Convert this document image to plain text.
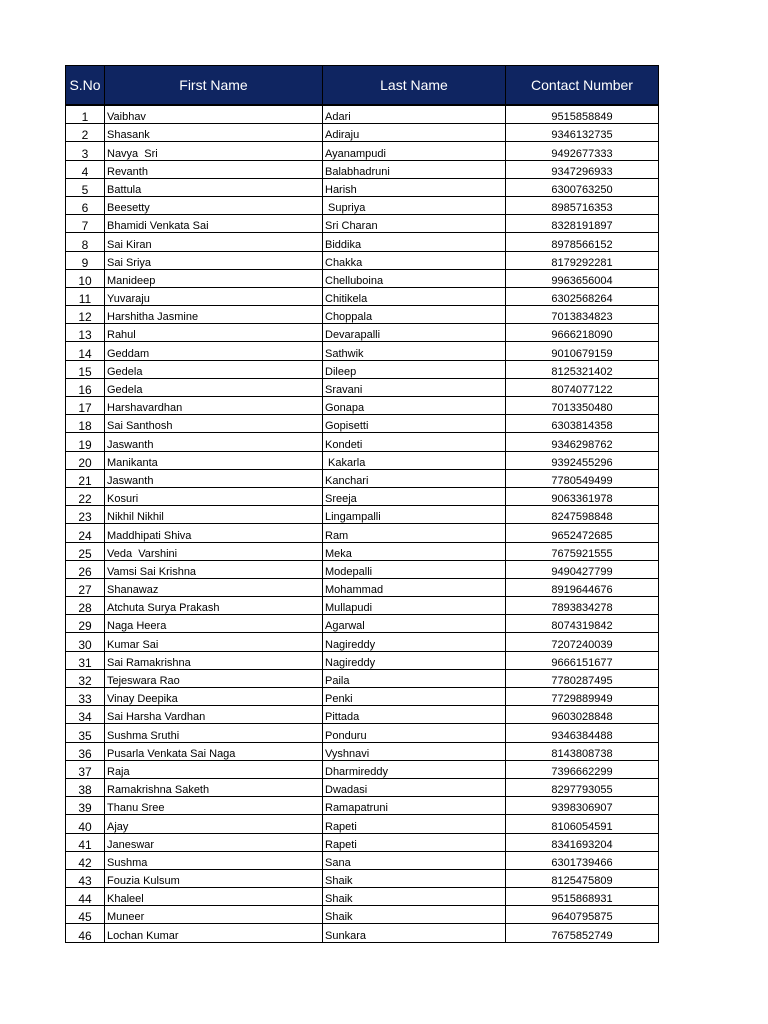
S.No	First Name	Last Name	Contact Number
1	Vaibhav	Adari	9515858849
2	Shasank	Adiraju	9346132735
3	Navya  Sri	Ayanampudi	9492677333
4	Revanth	Balabhadruni	9347296933
5	Battula	Harish	6300763250
6	Beesetty	Supriya	8985716353
7	Bhamidi Venkata Sai	Sri Charan	8328191897
8	Sai Kiran	Biddika	8978566152
9	Sai Sriya	Chakka	8179292281
10	Manideep	Chelluboina	9963656004
11	Yuvaraju	Chitikela	6302568264
12	Harshitha Jasmine	Choppala	7013834823
13	Rahul	Devarapalli	9666218090
14	Geddam	Sathwik	9010679159
15	Gedela	Dileep	8125321402
16	Gedela	Sravani	8074077122
17	Harshavardhan	Gonapa	7013350480
18	Sai Santhosh	Gopisetti	6303814358
19	Jaswanth	Kondeti	9346298762
20	Manikanta	Kakarla	9392455296
21	Jaswanth	Kanchari	7780549499
22	Kosuri	Sreeja	9063361978
23	Nikhil Nikhil	Lingampalli	8247598848
24	Maddhipati Shiva	Ram	9652472685
25	Veda  Varshini	Meka	7675921555
26	Vamsi Sai Krishna	Modepalli	9490427799
27	Shanawaz	Mohammad	8919644676
28	Atchuta Surya Prakash	Mullapudi	7893834278
29	Naga Heera	Agarwal	8074319842
30	Kumar Sai	Nagireddy	7207240039
31	Sai Ramakrishna	Nagireddy	9666151677
32	Tejeswara Rao	Paila	7780287495
33	Vinay Deepika	Penki	7729889949
34	Sai Harsha Vardhan	Pittada	9603028848
35	Sushma Sruthi	Ponduru	9346384488
36	Pusarla Venkata Sai Naga	Vyshnavi	8143808738
37	Raja	Dharmireddy	7396662299
38	Ramakrishna Saketh	Dwadasi	8297793055
39	Thanu Sree	Ramapatruni	9398306907
40	Ajay	Rapeti	8106054591
41	Janeswar	Rapeti	8341693204
42	Sushma	Sana	6301739466
43	Fouzia Kulsum	Shaik	8125475809
44	Khaleel	Shaik	9515868931
45	Muneer	Shaik	9640795875
46	Lochan Kumar	Sunkara	7675852749
